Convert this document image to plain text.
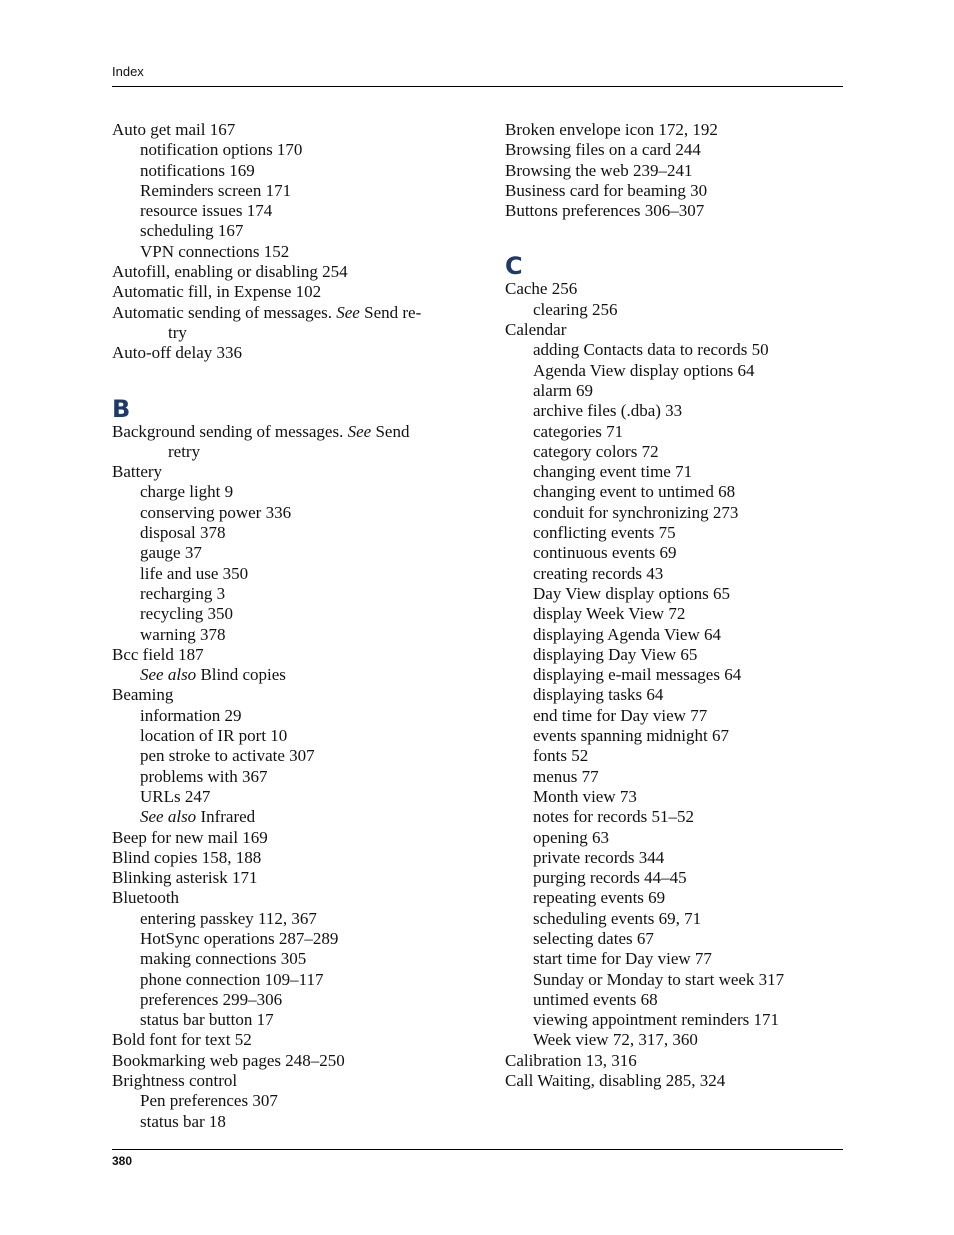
Index
Auto get mail 167
notification options 170
notifications 169
Reminders screen 171
resource issues 174
scheduling 167
VPN connections 152
Autofill, enabling or disabling 254
Automatic fill, in Expense 102
Automatic sending of messages. See Send re-
try
Auto-off delay 336
B
Background sending of messages. See Send
retry
Battery
charge light 9
conserving power 336
disposal 378
gauge 37
life and use 350
recharging 3
recycling 350
warning 378
Bcc field 187
See also Blind copies
Beaming
information 29
location of IR port 10
pen stroke to activate 307
problems with 367
URLs 247
See also Infrared
Beep for new mail 169
Blind copies 158, 188
Blinking asterisk 171
Bluetooth
entering passkey 112, 367
HotSync operations 287–289
making connections 305
phone connection 109–117
preferences 299–306
status bar button 17
Bold font for text 52
Bookmarking web pages 248–250
Brightness control
Pen preferences 307
status bar 18
Broken envelope icon 172, 192
Browsing files on a card 244
Browsing the web 239–241
Business card for beaming 30
Buttons preferences 306–307
C
Cache 256
clearing 256
Calendar
adding Contacts data to records 50
Agenda View display options 64
alarm 69
archive files (.dba) 33
categories 71
category colors 72
changing event time 71
changing event to untimed 68
conduit for synchronizing 273
conflicting events 75
continuous events 69
creating records 43
Day View display options 65
display Week View 72
displaying Agenda View 64
displaying Day View 65
displaying e-mail messages 64
displaying tasks 64
end time for Day view 77
events spanning midnight 67
fonts 52
menus 77
Month view 73
notes for records 51–52
opening 63
private records 344
purging records 44–45
repeating events 69
scheduling events 69, 71
selecting dates 67
start time for Day view 77
Sunday or Monday to start week 317
untimed events 68
viewing appointment reminders 171
Week view 72, 317, 360
Calibration 13, 316
Call Waiting, disabling 285, 324
380
